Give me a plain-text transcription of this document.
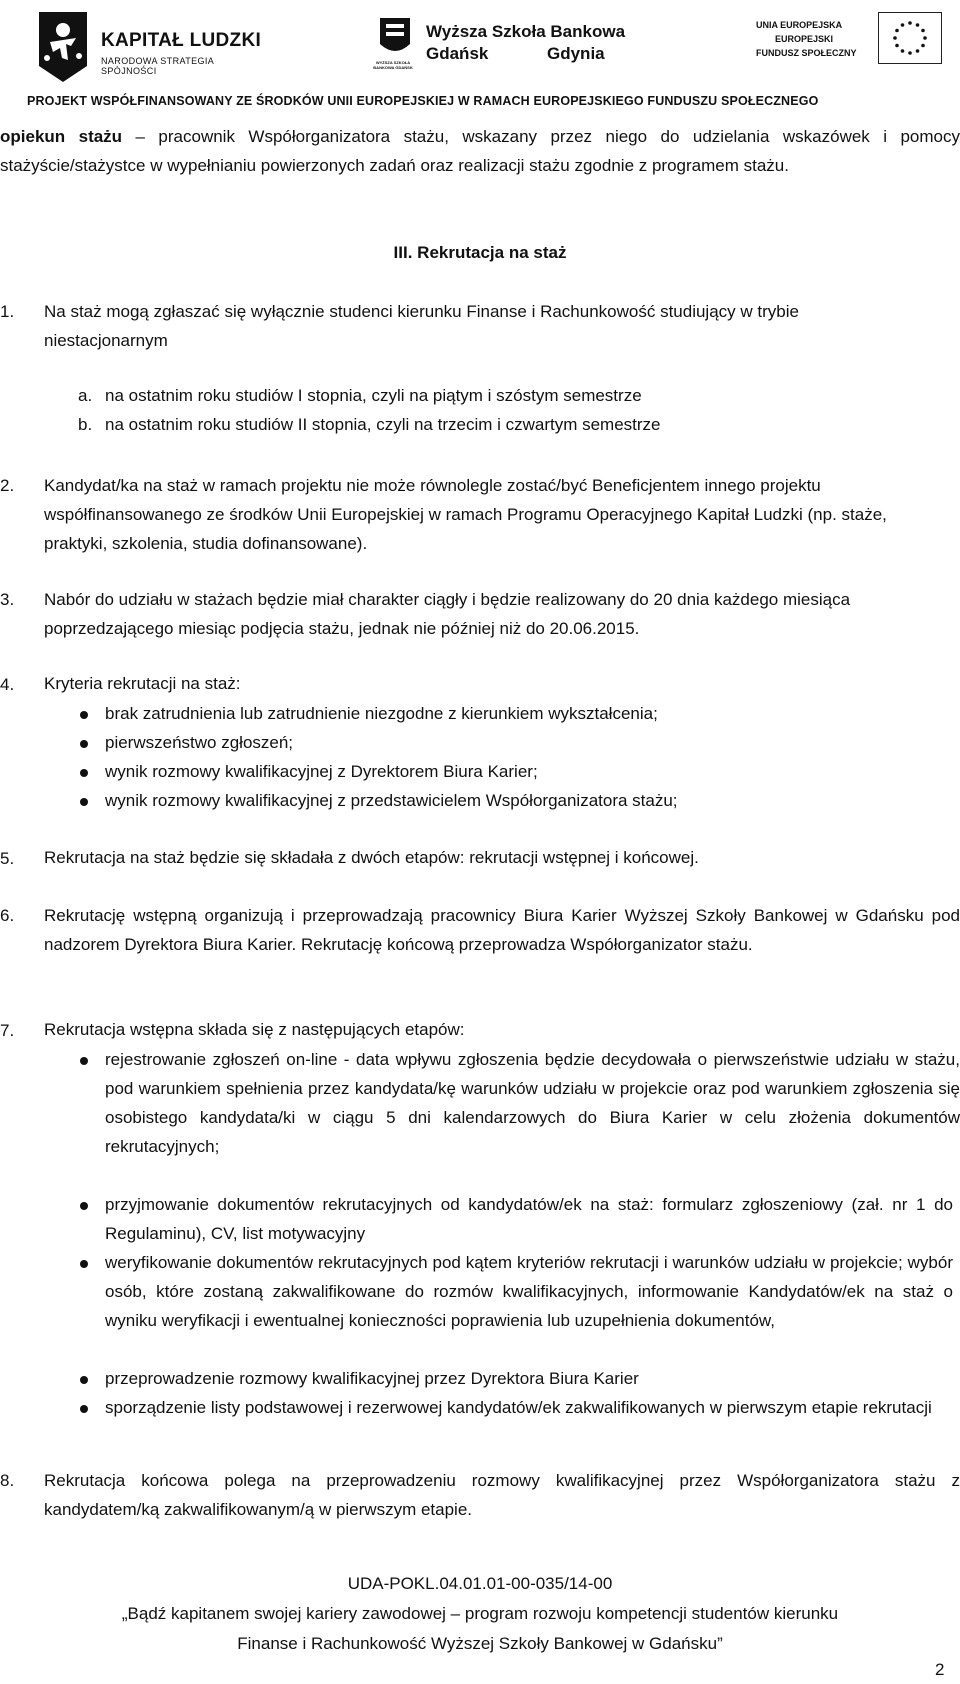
KAPITAŁ LUDZKI
NARODOWA STRATEGIA SPÓJNOŚCI
WYŻSZA SZKOŁA BANKOWA GDAŃSK
Wyższa Szkoła Bankowa
Gdańsk	Gdynia
UNIA EUROPEJSKA
EUROPEJSKI
FUNDUSZ SPOŁECZNY
PROJEKT WSPÓŁFINANSOWANY ZE ŚRODKÓW UNII EUROPEJSKIEJ W RAMACH EUROPEJSKIEGO FUNDUSZU SPOŁECZNEGO
opiekun stażu – pracownik Współorganizatora stażu, wskazany przez niego do udzielania wskazówek i pomocy stażyście/stażystce w wypełnianiu powierzonych zadań oraz realizacji stażu zgodnie z programem stażu.
III. Rekrutacja na staż
1. Na staż mogą zgłaszać się wyłącznie studenci kierunku Finanse i Rachunkowość studiujący w trybie niestacjonarnym
a. na ostatnim roku studiów I stopnia, czyli na piątym i szóstym semestrze
b. na ostatnim roku studiów II stopnia, czyli na trzecim i czwartym semestrze
2. Kandydat/ka na staż w ramach projektu nie może równolegle zostać/być Beneficjentem innego projektu współfinansowanego ze środków Unii Europejskiej w ramach Programu Operacyjnego Kapitał Ludzki (np. staże, praktyki, szkolenia, studia dofinansowane).
3. Nabór do udziału w stażach będzie miał charakter ciągły i będzie realizowany do 20 dnia każdego miesiąca poprzedzającego miesiąc podjęcia stażu, jednak nie później niż do 20.06.2015.
4. Kryteria rekrutacji na staż:
brak zatrudnienia lub zatrudnienie niezgodne z kierunkiem wykształcenia;
pierwszeństwo zgłoszeń;
wynik rozmowy kwalifikacyjnej z Dyrektorem Biura Karier;
wynik rozmowy kwalifikacyjnej z przedstawicielem Współorganizatora stażu;
5. Rekrutacja na staż będzie się składała z dwóch etapów: rekrutacji wstępnej i końcowej.
6. Rekrutację wstępną organizują i przeprowadzają pracownicy Biura Karier Wyższej Szkoły Bankowej w Gdańsku pod nadzorem Dyrektora Biura Karier. Rekrutację końcową przeprowadza Współorganizator stażu.
7. Rekrutacja wstępna składa się z następujących etapów:
rejestrowanie zgłoszeń on-line - data wpływu zgłoszenia będzie decydowała o pierwszeństwie udziału w stażu, pod warunkiem spełnienia przez kandydata/kę warunków udziału w projekcie oraz pod warunkiem zgłoszenia się osobistego kandydata/ki w ciągu 5 dni kalendarzowych do Biura Karier w celu złożenia dokumentów rekrutacyjnych;
przyjmowanie dokumentów rekrutacyjnych od kandydatów/ek na staż: formularz zgłoszeniowy (zał. nr 1 do Regulaminu), CV, list motywacyjny
weryfikowanie dokumentów rekrutacyjnych pod kątem kryteriów rekrutacji i warunków udziału w projekcie; wybór osób, które zostaną zakwalifikowane do rozmów kwalifikacyjnych, informowanie Kandydatów/ek na staż o wyniku weryfikacji i ewentualnej konieczności poprawienia lub uzupełnienia dokumentów,
przeprowadzenie rozmowy kwalifikacyjnej przez Dyrektora Biura Karier
sporządzenie listy podstawowej i rezerwowej kandydatów/ek zakwalifikowanych w pierwszym etapie rekrutacji
8. Rekrutacja końcowa polega na przeprowadzeniu rozmowy kwalifikacyjnej przez Współorganizatora stażu z kandydatem/ką zakwalifikowanym/ą w pierwszym etapie.
UDA-POKL.04.01.01-00-035/14-00
„Bądź kapitanem swojej kariery zawodowej – program rozwoju kompetencji studentów kierunku
Finanse i Rachunkowość Wyższej Szkoły Bankowej w Gdańsku”
2
